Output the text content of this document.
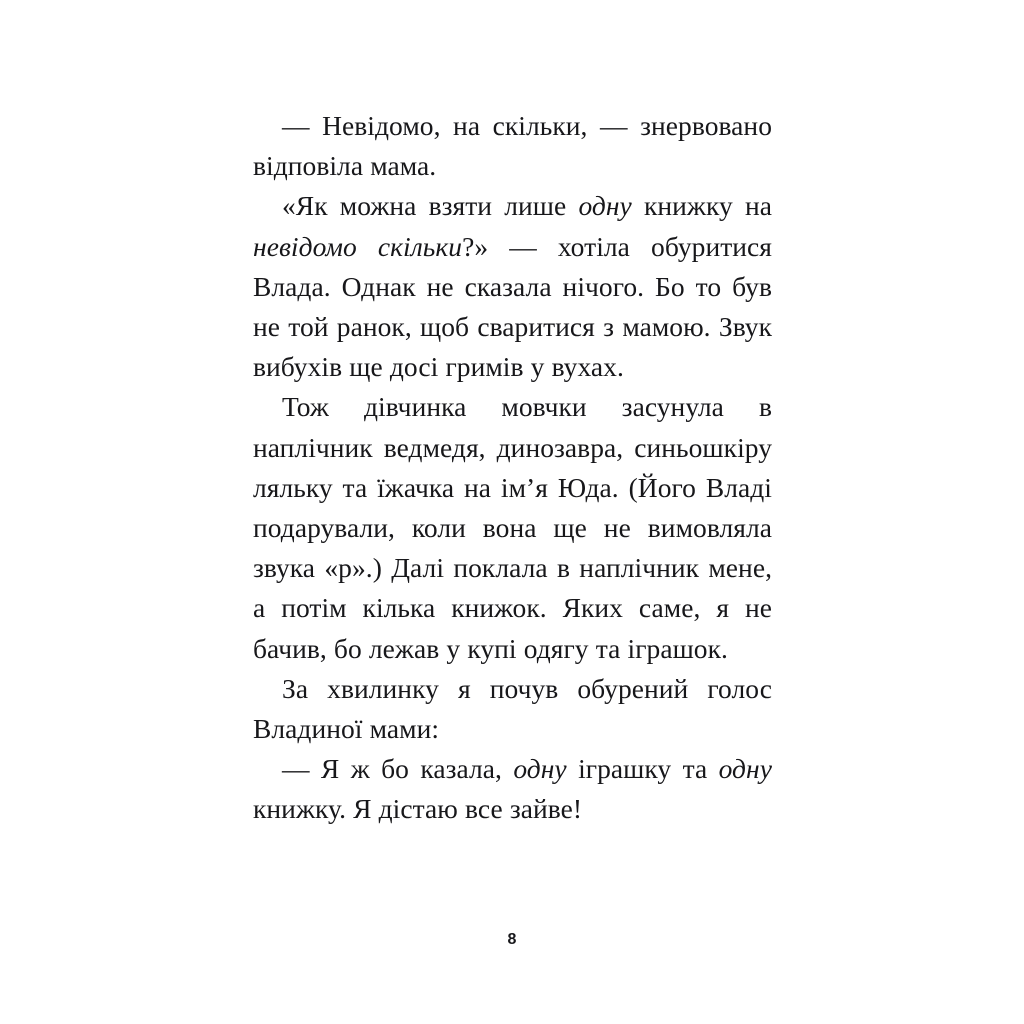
— Невідомо, на скільки, — знервовано відповіла мама.

«Як можна взяти лише одну книжку на невідомо скільки?» — хотіла обуритися Влада. Однак не сказала нічого. Бо то був не той ранок, щоб сваритися з мамою. Звук вибухів ще досі гримів у вухах.

Тож дівчинка мовчки засунула в наплічник ведмедя, динозавра, синьошкіру ляльку та їжачка на ім’я Юда. (Його Владі подарували, коли вона ще не вимовляла звука «р».) Далі поклала в наплічник мене, а потім кілька книжок. Яких саме, я не бачив, бо лежав у купі одягу та іграшок.

За хвилинку я почув обурений голос Владиної мами:

— Я ж бо казала, одну іграшку та одну книжку. Я дістаю все зайве!

8
